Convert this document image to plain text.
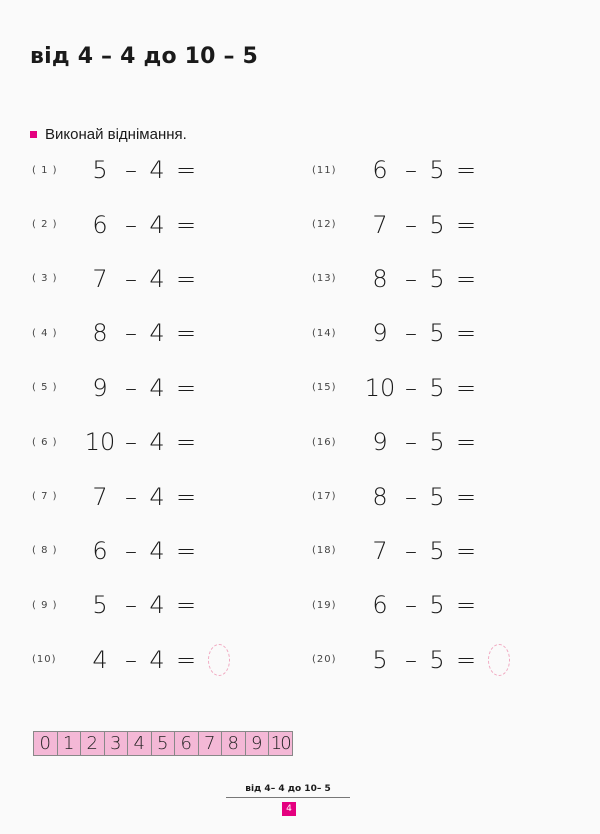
від 4 – 4 до 10 – 5
Виконай віднімання.
( 1 )	5 – 4 =
( 2 )	6 – 4 =
( 3 )	7 – 4 =
( 4 )	8 – 4 =
( 5 )	9 – 4 =
( 6 )	10 – 4 =
( 7 )	7 – 4 =
( 8 )	6 – 4 =
( 9 )	5 – 4 =
(10)	4 – 4 =
(11)	6 – 5 =
(12)	7 – 5 =
(13)	8 – 5 =
(14)	9 – 5 =
(15)	10 – 5 =
(16)	9 – 5 =
(17)	8 – 5 =
(18)	7 – 5 =
(19)	6 – 5 =
(20)	5 – 5 =
0 1 2 3 4 5 6 7 8 9 10
від 4– 4 до 10– 5
4
